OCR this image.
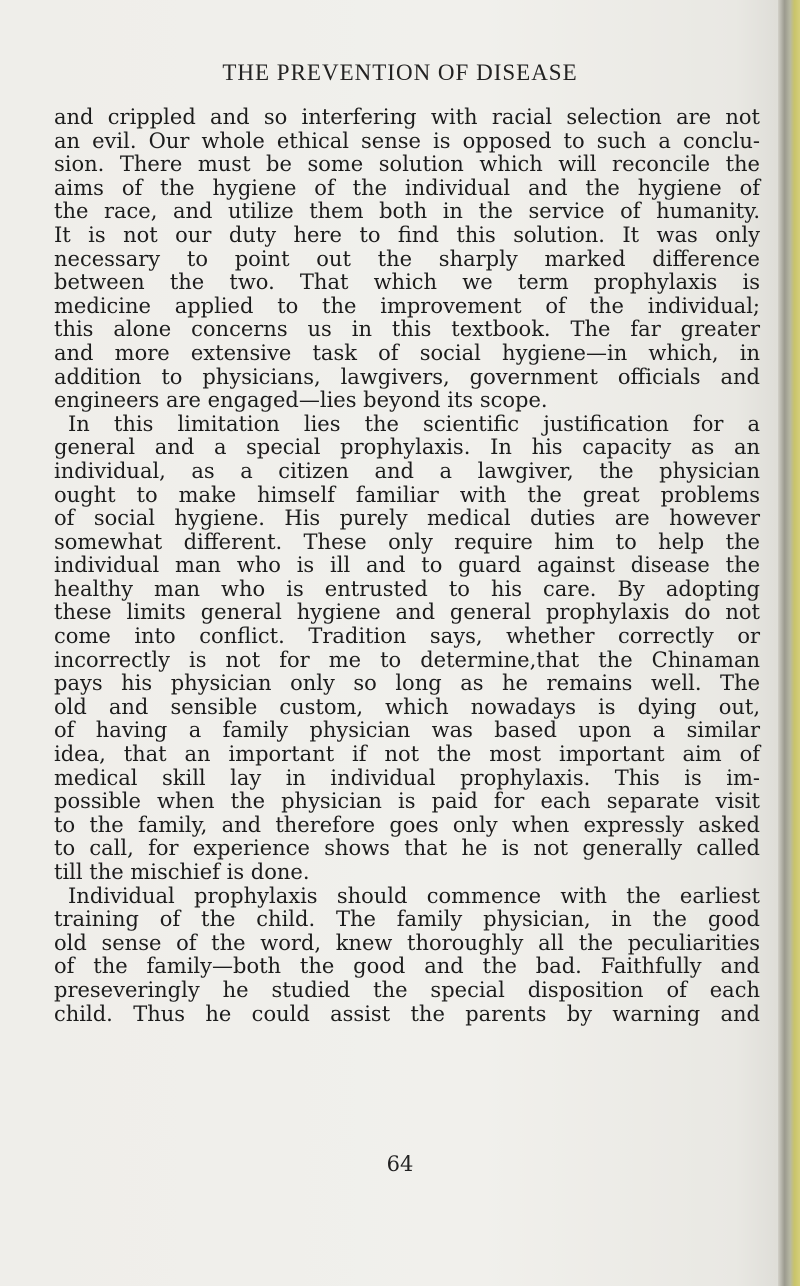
THE PREVENTION OF DISEASE
and crippled and so interfering with racial selection are not
an evil. Our whole ethical sense is opposed to such a conclu-
sion. There must be some solution which will reconcile the
aims of the hygiene of the individual and the hygiene of
the race, and utilize them both in the service of humanity.
It is not our duty here to find this solution. It was only
necessary to point out the sharply marked difference
between the two. That which we term prophylaxis is
medicine applied to the improvement of the individual;
this alone concerns us in this textbook. The far greater
and more extensive task of social hygiene—in which, in
addition to physicians, lawgivers, government officials and
engineers are engaged—lies beyond its scope.
In this limitation lies the scientific justification for a
general and a special prophylaxis. In his capacity as an
individual, as a citizen and a lawgiver, the physician
ought to make himself familiar with the great problems
of social hygiene. His purely medical duties are however
somewhat different. These only require him to help the
individual man who is ill and to guard against disease the
healthy man who is entrusted to his care. By adopting
these limits general hygiene and general prophylaxis do not
come into conflict. Tradition says, whether correctly or
incorrectly is not for me to determine,that the Chinaman
pays his physician only so long as he remains well. The
old and sensible custom, which nowadays is dying out,
of having a family physician was based upon a similar
idea, that an important if not the most important aim of
medical skill lay in individual prophylaxis. This is im-
possible when the physician is paid for each separate visit
to the family, and therefore goes only when expressly asked
to call, for experience shows that he is not generally called
till the mischief is done.
Individual prophylaxis should commence with the earliest
training of the child. The family physician, in the good
old sense of the word, knew thoroughly all the peculiarities
of the family—both the good and the bad. Faithfully and
preseveringly he studied the special disposition of each
child. Thus he could assist the parents by warning and
64
